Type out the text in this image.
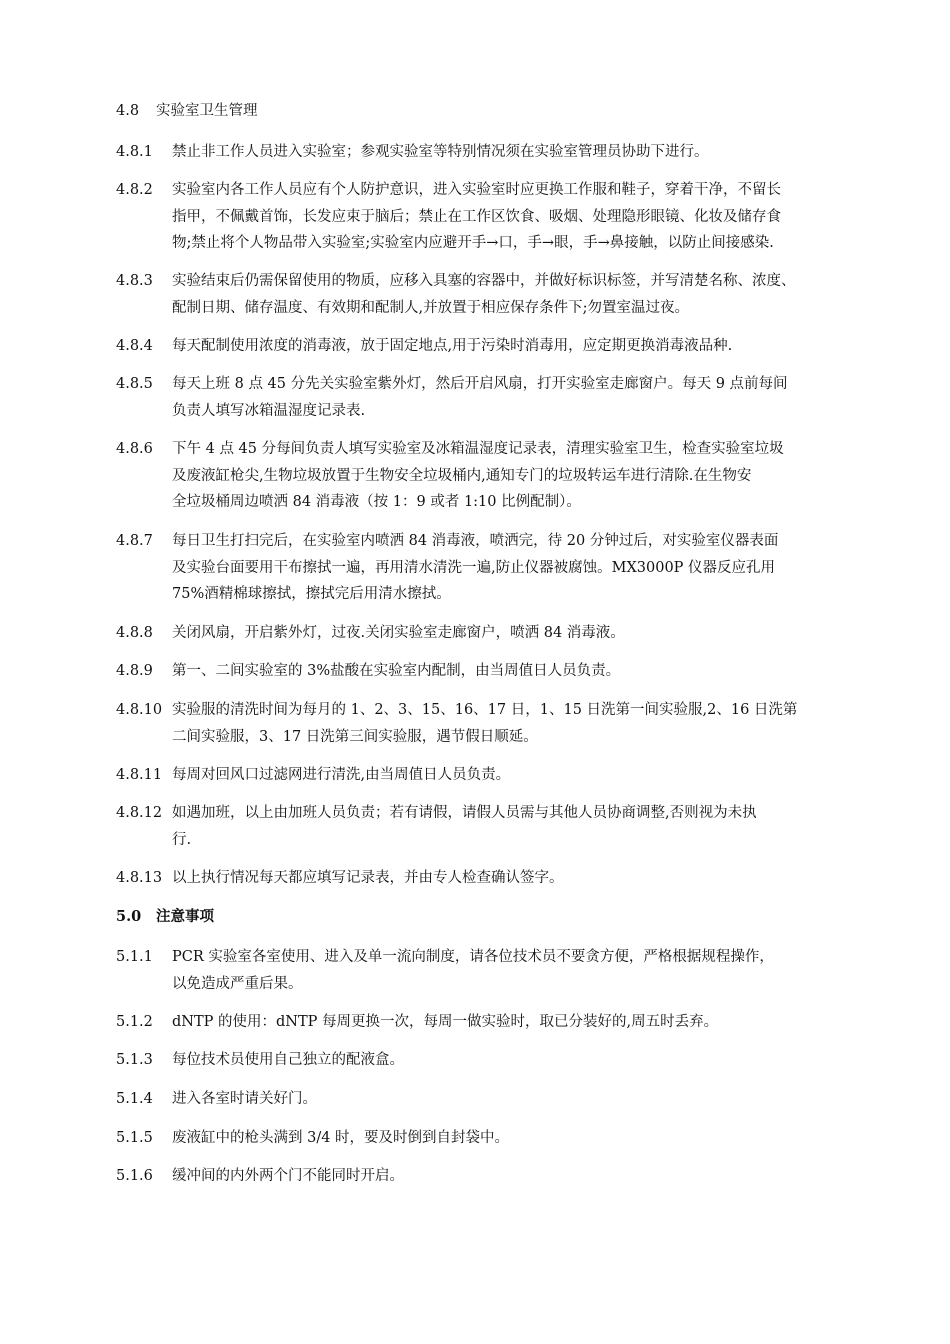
4.8	实验室卫生管理
4.8.1	禁止非工作人员进入实验室；参观实验室等特别情况须在实验室管理员协助下进行。
4.8.2	实验室内各工作人员应有个人防护意识，进入实验室时应更换工作服和鞋子，穿着干净，不留长
指甲，不佩戴首饰，长发应束于脑后；禁止在工作区饮食、吸烟、处理隐形眼镜、化妆及储存食
物;禁止将个人物品带入实验室;实验室内应避开手→口，手→眼，手→鼻接触，以防止间接感染.
4.8.3	实验结束后仍需保留使用的物质，应移入具塞的容器中，并做好标识标签，并写清楚名称、浓度、
配制日期、储存温度、有效期和配制人,并放置于相应保存条件下;勿置室温过夜。
4.8.4	每天配制使用浓度的消毒液，放于固定地点,用于污染时消毒用，应定期更换消毒液品种.
4.8.5	每天上班 8 点 45 分先关实验室紫外灯，然后开启风扇，打开实验室走廊窗户。每天 9 点前每间
负责人填写冰箱温湿度记录表.
4.8.6	下午 4 点 45 分每间负责人填写实验室及冰箱温湿度记录表，清理实验室卫生，检查实验室垃圾
及废液缸枪尖,生物垃圾放置于生物安全垃圾桶内,通知专门的垃圾转运车进行清除.在生物安
全垃圾桶周边喷洒 84 消毒液（按 1：9 或者 1:10 比例配制）。
4.8.7	每日卫生打扫完后，在实验室内喷洒 84 消毒液，喷洒完，待 20 分钟过后，对实验室仪器表面
及实验台面要用干布擦拭一遍，再用清水清洗一遍,防止仪器被腐蚀。MX3000P 仪器反应孔用
75%酒精棉球擦拭，擦拭完后用清水擦拭。
4.8.8	关闭风扇，开启紫外灯，过夜.关闭实验室走廊窗户，喷洒 84 消毒液。
4.8.9	第一、二间实验室的 3%盐酸在实验室内配制，由当周值日人员负责。
4.8.10 实验服的清洗时间为每月的 1、2、3、15、16、17 日，1、15 日洗第一间实验服,2、16 日洗第
二间实验服，3、17 日洗第三间实验服，遇节假日顺延。
4.8.11 每周对回风口过滤网进行清洗,由当周值日人员负责。
4.8.12 如遇加班，以上由加班人员负责；若有请假，请假人员需与其他人员协商调整,否则视为未执
行.
4.8.13 以上执行情况每天都应填写记录表，并由专人检查确认签字。
5.0	注意事项
5.1.1	PCR 实验室各室使用、进入及单一流向制度，请各位技术员不要贪方便，严格根据规程操作，
以免造成严重后果。
5.1.2	dNTP 的使用：dNTP 每周更换一次，每周一做实验时，取已分装好的,周五时丢弃。
5.1.3	每位技术员使用自己独立的配液盒。
5.1.4	进入各室时请关好门。
5.1.5	废液缸中的枪头满到 3/4 时，要及时倒到自封袋中。
5.1.6	缓冲间的内外两个门不能同时开启。
